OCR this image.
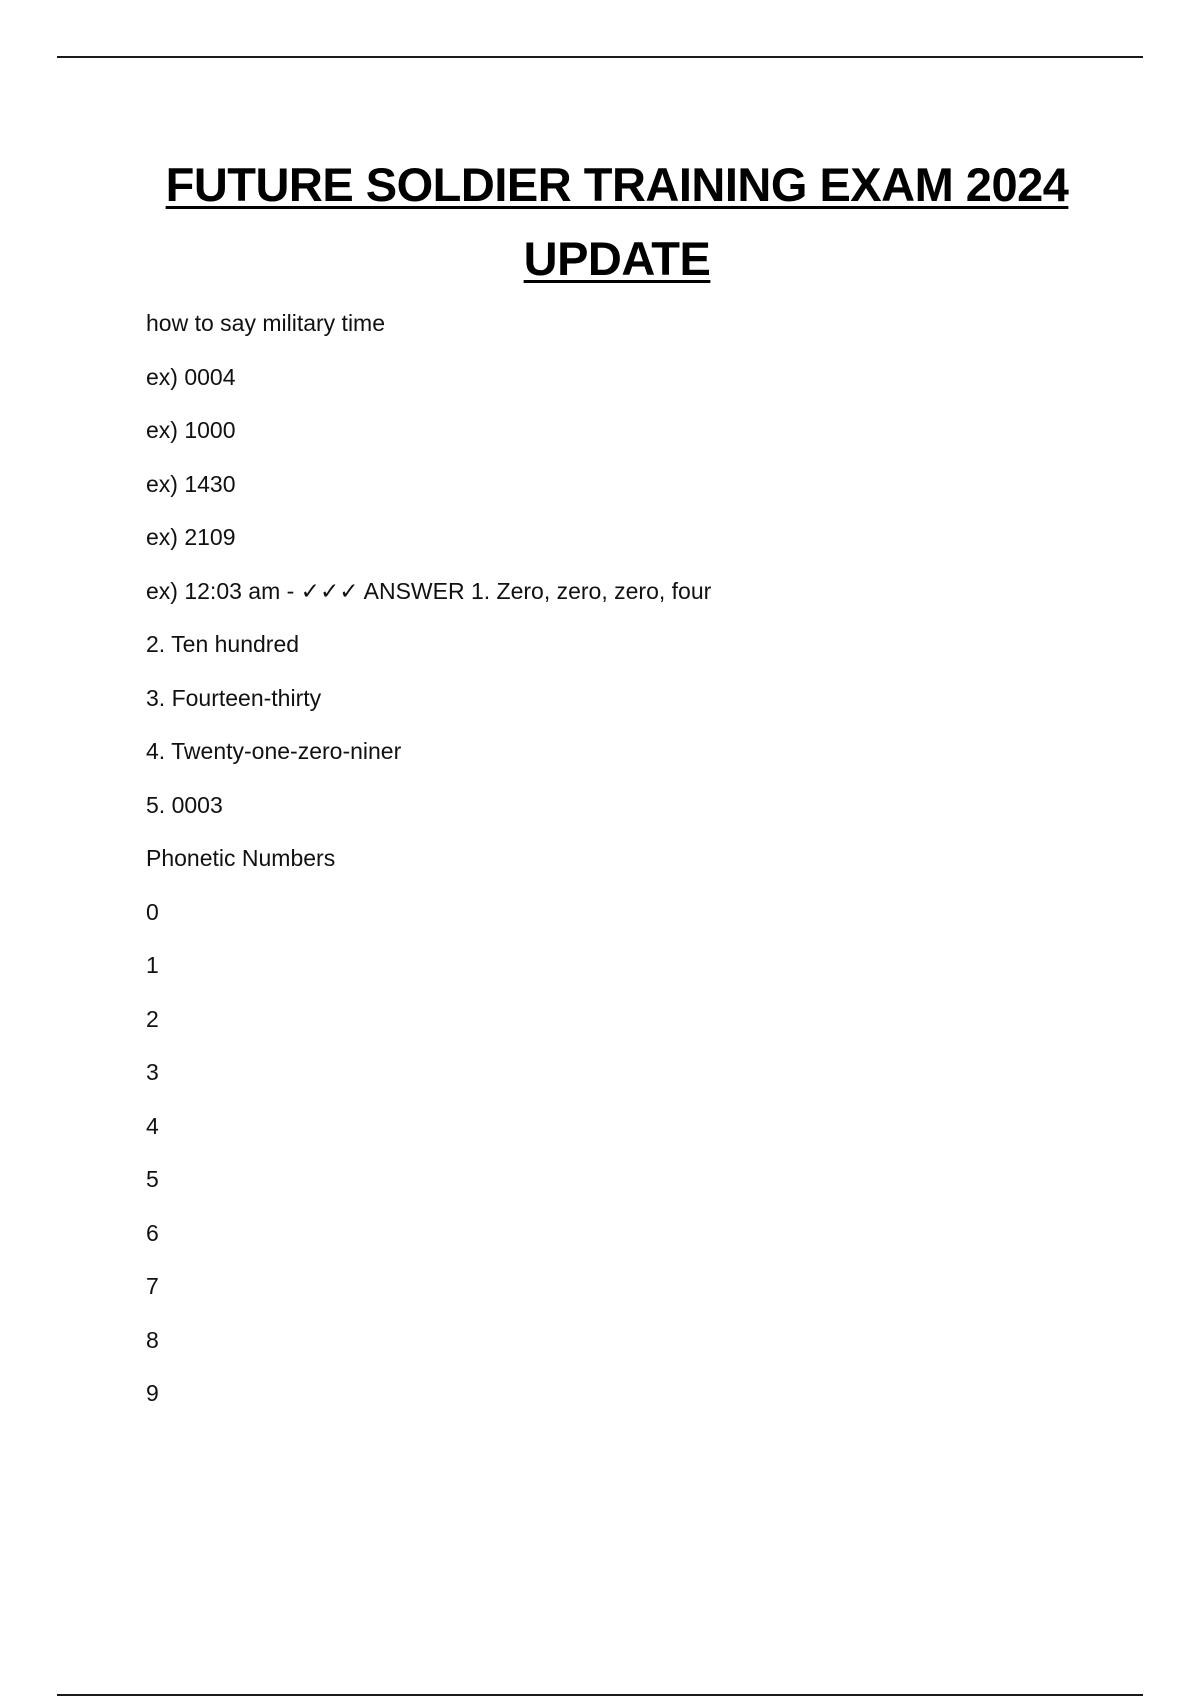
FUTURE SOLDIER TRAINING EXAM 2024
UPDATE
how to say military time
ex) 0004
ex) 1000
ex) 1430
ex) 2109
ex) 12:03 am - ✓✓✓ ANSWER 1. Zero, zero, zero, four
2. Ten hundred
3. Fourteen-thirty
4. Twenty-one-zero-niner
5. 0003
Phonetic Numbers
0
1
2
3
4
5
6
7
8
9
